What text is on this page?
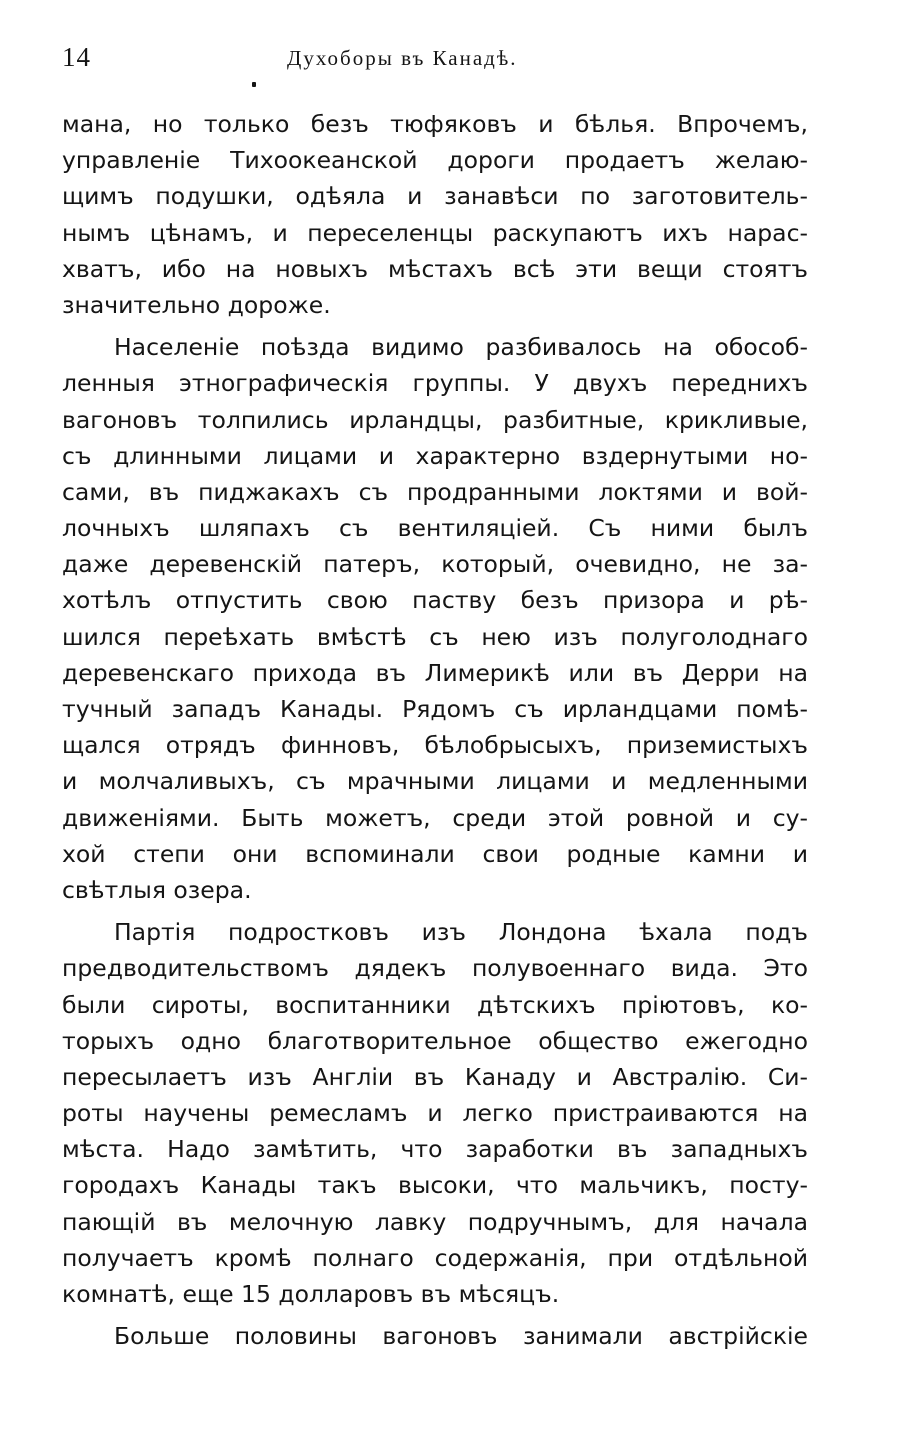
14	Духоборы въ Канадѣ.
мана, но только безъ тюфяковъ и бѣлья. Впрочемъ,
управленіе Тихоокеанской дороги продаетъ желаю-
щимъ подушки, одѣяла и занавѣси по заготовитель-
нымъ цѣнамъ, и переселенцы раскупаютъ ихъ нарас-
хватъ, ибо на новыхъ мѣстахъ всѣ эти вещи стоятъ
значительно дороже.
Населеніе поѣзда видимо разбивалось на обособ-
ленныя этнографическія группы. У двухъ переднихъ
вагоновъ толпились ирландцы, разбитные, крикливые,
съ длинными лицами и характерно вздернутыми но-
сами, въ пиджакахъ съ продранными локтями и вой-
лочныхъ шляпахъ съ вентиляціей. Съ ними былъ
даже деревенскій патеръ, который, очевидно, не за-
хотѣлъ отпустить свою паству безъ призора и рѣ-
шился переѣхать вмѣстѣ съ нею изъ полуголоднаго
деревенскаго прихода въ Лимерикѣ или въ Дерри на
тучный западъ Канады. Рядомъ съ ирландцами помѣ-
щался отрядъ финновъ, бѣлобрысыхъ, приземистыхъ
и молчаливыхъ, съ мрачными лицами и медленными
движеніями. Быть можетъ, среди этой ровной и су-
хой степи они вспоминали свои родные камни и
свѣтлыя озера.
Партія подростковъ изъ Лондона ѣхала подъ
предводительствомъ дядекъ полувоеннаго вида. Это
были сироты, воспитанники дѣтскихъ пріютовъ, ко-
торыхъ одно благотворительное общество ежегодно
пересылаетъ изъ Англіи въ Канаду и Австралію. Си-
роты научены ремесламъ и легко пристраиваются на
мѣста. Надо замѣтить, что заработки въ западныхъ
городахъ Канады такъ высоки, что мальчикъ, посту-
пающій въ мелочную лавку подручнымъ, для начала
получаетъ кромѣ полнаго содержанія, при отдѣльной
комнатѣ, еще 15 долларовъ въ мѣсяцъ.
Больше половины вагоновъ занимали австрійскіе
